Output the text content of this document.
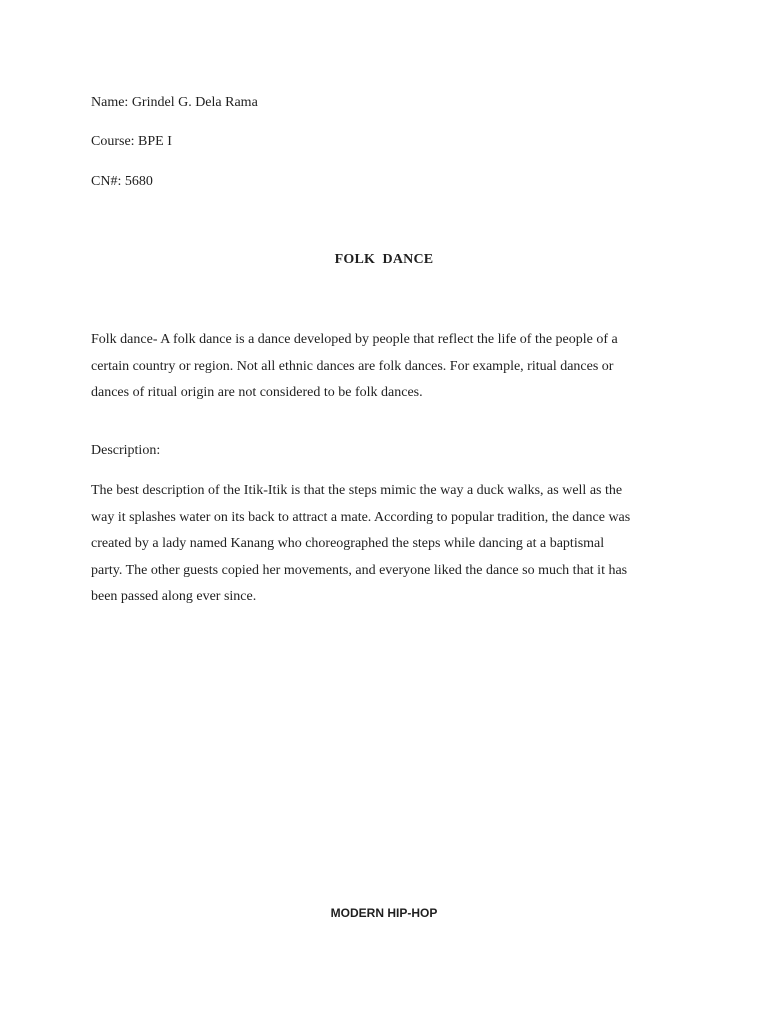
Name: Grindel G. Dela Rama
Course: BPE I
CN#: 5680
FOLK  DANCE
Folk dance- A folk dance is a dance developed by people that reflect the life of the people of a
certain country or region. Not all ethnic dances are folk dances. For example, ritual dances or
dances of ritual origin are not considered to be folk dances.
Description:
The best description of the Itik-Itik is that the steps mimic the way a duck walks, as well as the
way it splashes water on its back to attract a mate. According to popular tradition, the dance was
created by a lady named Kanang who choreographed the steps while dancing at a baptismal
party. The other guests copied her movements, and everyone liked the dance so much that it has
been passed along ever since.
MODERN HIP-HOP
